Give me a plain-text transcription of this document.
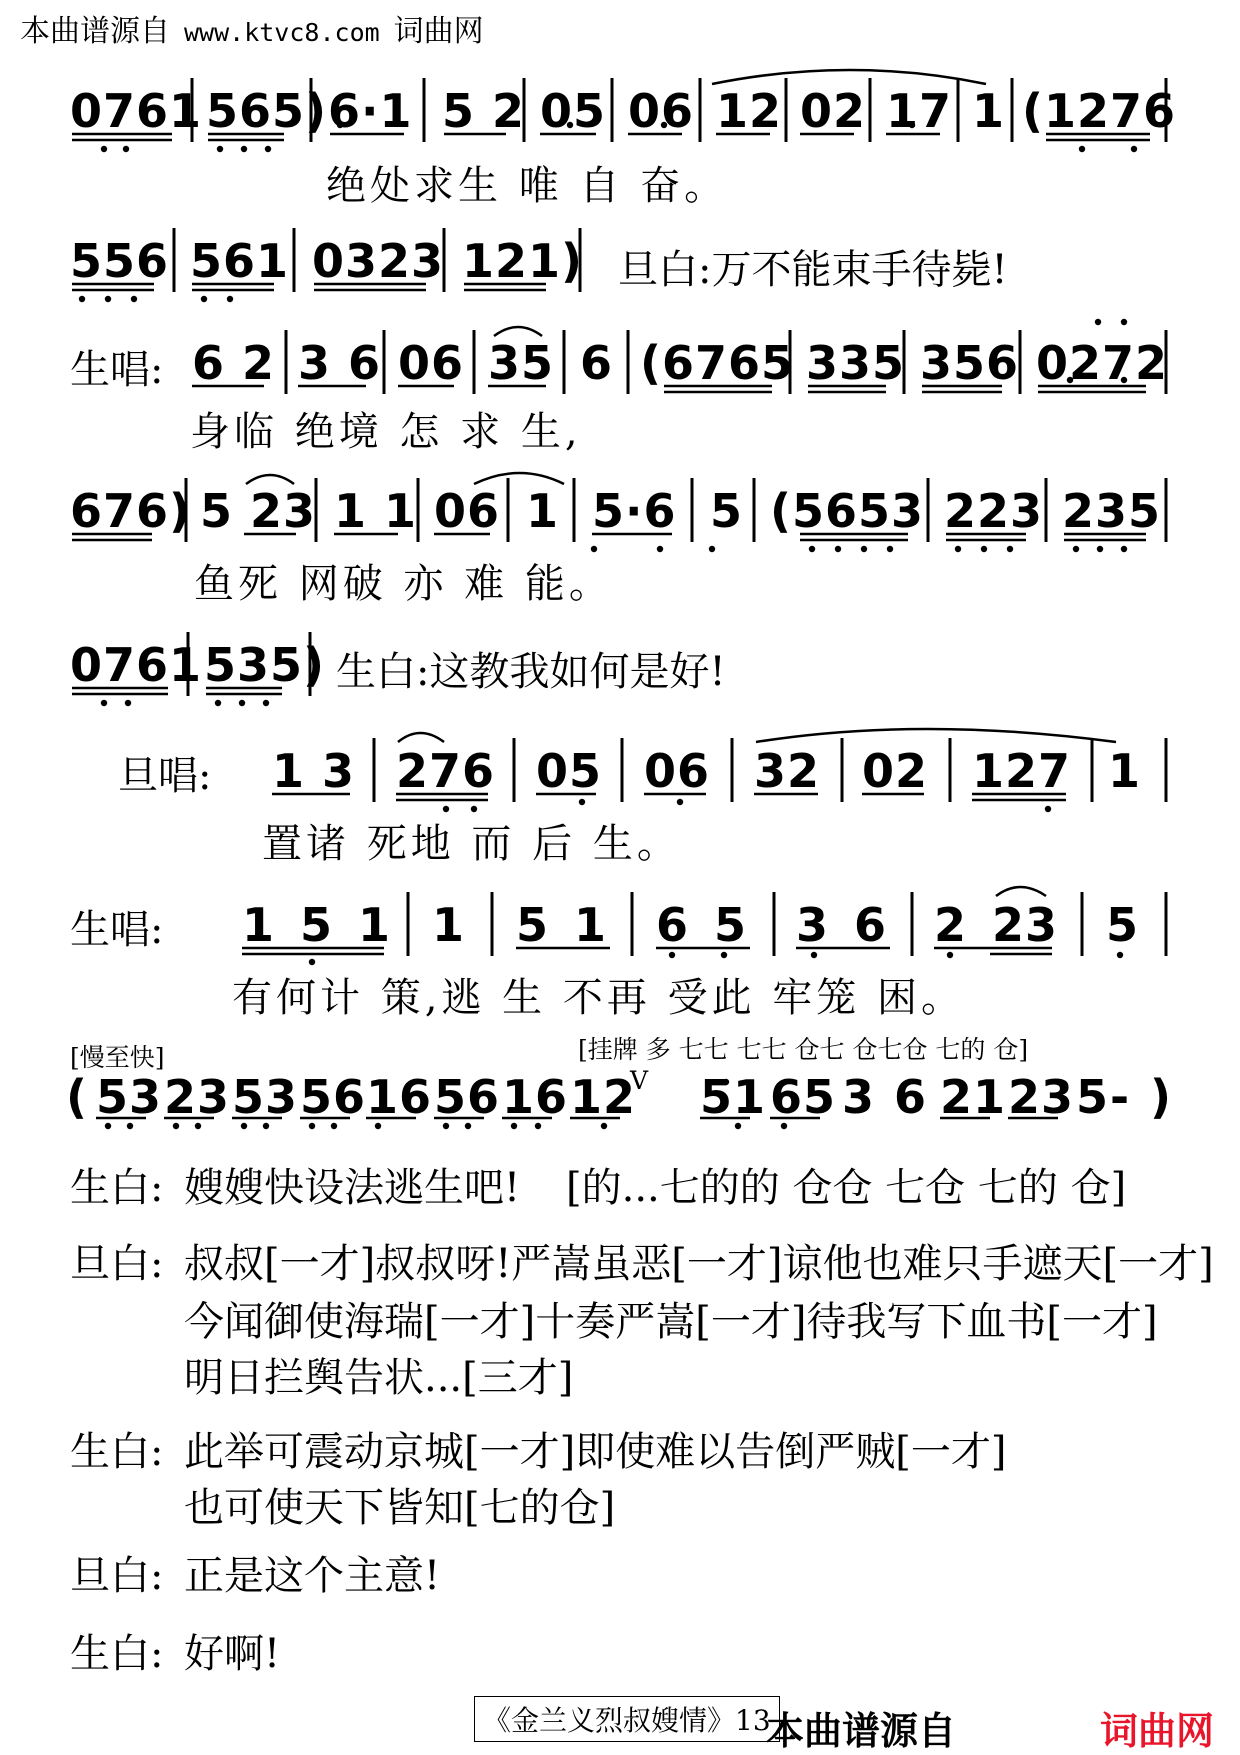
本曲谱源自 www.ktvc8.com 词曲网
0761 565) 6·1 5 2 05 06 12 02 17 1 (1276
绝处求生 唯 自 奋。
556 561 0323 121) 旦白:万不能束手待毙!
生唱: 6 2 3 6 06 35 6 (6765 335 356 0272
身临 绝境 怎 求 生,
676) 5 23 1 1 06 1 5·6 5 (5653 223 235
鱼死 网破 亦 难 能。
0761 535) 生白:这教我如何是好!
旦唱: 1 3 276 05 06 32 02 127 1
置诸 死地 而 后 生。
生唱: 1 5 1 1 5 1 6 5 3 6 2 23 5
有何计 策,逃 生 不再 受此 牢笼 困。
[慢至快]	[挂牌 多 七七 七七 仓七 仓七仓 七的 仓]
( 53 23 53 56 16 56 16 12
V 51 65 3 6 21 23 5 - )
生白: 嫂嫂快设法逃生吧! [的...七的的 仓仓 七仓 七的 仓]
旦白: 叔叔[一才]叔叔呀!严嵩虽恶[一才]谅他也难只手遮天[一才]
今闻御使海瑞[一才]十奏严嵩[一才]待我写下血书[一才]
明日拦舆告状...[三才]
生白: 此举可震动京城[一才]即使难以告倒严贼[一才]
也可使天下皆知[七的仓]
旦白: 正是这个主意!
生白: 好啊!
《金兰义烈叔嫂情》13
本曲谱源自	词曲网
